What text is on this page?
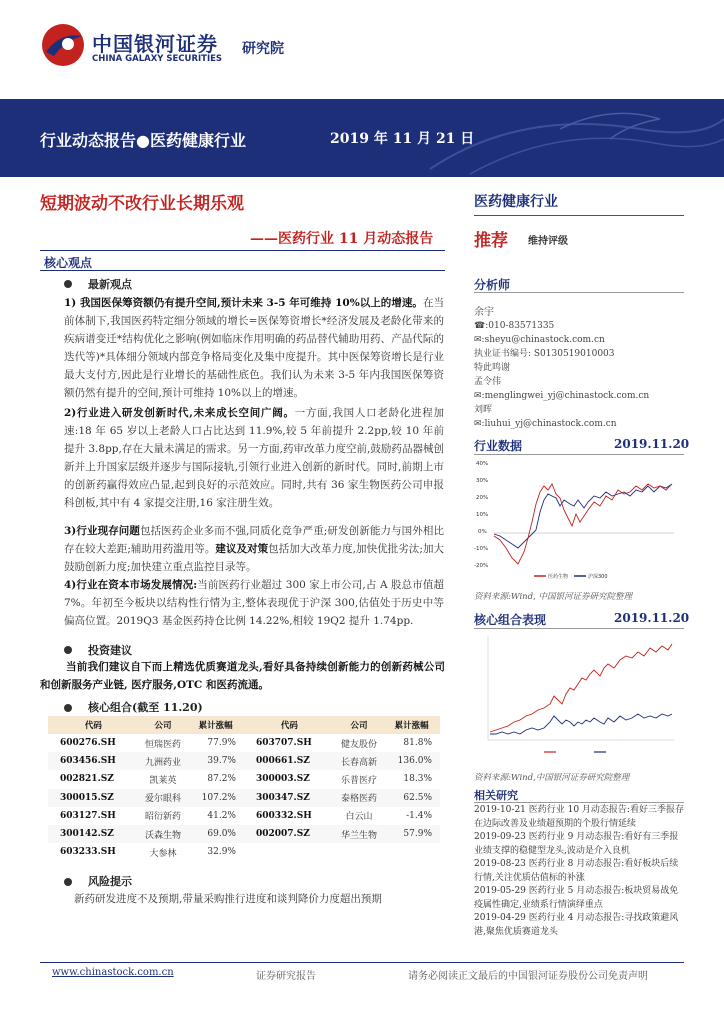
中国银河证券
CHINA GALAXY SECURITIES
研究院
行业动态报告●医药健康行业	2019 年 11 月 21 日
短期波动不改行业长期乐观
——医药行业 11 月动态报告
医药健康行业
推荐 维持评级
核心观点
最新观点
1) 我国医保筹资额仍有提升空间,预计未来 3-5 年可维持 10%以上的增速。在当前体制下,我国医药特定细分领域的增长=医保筹资增长*经济发展及老龄化带来的疾病谱变迁*结构优化之影响(例如临床作用明确的药品替代辅助用药、产品代际的迭代等)*具体细分领域内部竞争格局变化及集中度提升。其中医保筹资增长是行业最大支付方,因此是行业增长的基础性底色。我们认为未来 3-5 年内我国医保筹资额仍然有提升的空间,预计可维持 10%以上的增速。
2)行业进入研发创新时代,未来成长空间广阔。一方面,我国人口老龄化进程加速:18 年 65 岁以上老龄人口占比达到 11.9%,较 5 年前提升 2.2pp,较 10 年前提升 3.8pp,存在大量未满足的需求。另一方面,药审改革力度空前,鼓励药品器械创新并上升国家层级并逐步与国际接轨,引领行业进入创新的新时代。同时,前期上市的创新药贏得效应凸显,起到良好的示范效应。同时,共有 36 家生物医药公司申报科创板,其中有 4 家提交注册,16 家注册生效。
3)行业现存问题包括医药企业多而不强,同质化竞争严重;研发创新能力与国外相比存在较大差距;辅助用药滥用等。建议及对策包括加大改革力度,加快优批劣汰;加大鼓励创新力度;加快建立重点监控目录等。
4)行业在资本市场发展情况:当前医药行业超过 300 家上市公司,占 A 股总市值超 7%。年初至今板块以结构性行情为主,整体表现优于沪深 300,估值处于历史中等偏高位置。2019Q3 基金医药持仓比例 14.22%,相较 19Q2 提升 1.74pp.
投资建议
当前我们建议自下而上精选优质赛道龙头,看好具备持续创新能力的创新药械公司和创新服务产业链, 医疗服务,OTC 和医药流通。
核心组合(截至 11.20)
代码	公司	累计涨幅	代码	公司	累计涨幅
600276.SH	恒瑞医药	77.9%	603707.SH	健友股份	81.8%
603456.SH	九洲药业	39.7%	000661.SZ	长春高新	136.0%
002821.SZ	凯莱英	87.2%	300003.SZ	乐普医疗	18.3%
300015.SZ	爱尔眼科	107.2%	300347.SZ	泰格医药	62.5%
603127.SH	昭衍新药	41.2%	600332.SH	白云山	-1.4%
300142.SZ	沃森生物	69.0%	002007.SZ	华兰生物	57.9%
603233.SH	大参林	32.9%			
风险提示
新药研发进度不及预期,带量采购推行进度和谈判降价力度超出预期
分析师
余宇
☎:010-83571335
✉:sheyu@chinastock.com.cn
执业证书编号: S0130519010003
特此鸣谢
孟令伟
✉:menglingwei_yj@chinastock.com.cn
刘晖
✉:liuhui_yj@chinastock.com.cn
行业数据	2019.11.20
40%
30%
20%
10%
0%
-10%
-20%
医药生物	沪深300
资料来源:Wind, 中国银河证券研究院整理
核心组合表现	2019.11.20
资料来源:Wind,中国银河证券研究院整理
相关研究
2019-10-21 医药行业 10 月动态报告:看好三季报存在边际改善及业绩超预期的个股行情延续
2019-09-23 医药行业 9 月动态报告:看好有三季报业绩支撑的稳健型龙头,波动是介入良机
2019-08-23 医药行业 8 月动态报告:看好板块后续行情,关注优质估值标的补涨
2019-05-29 医药行业 5 月动态报告:板块贸易战免疫属性确定,业绩系行情演绎重点
2019-04-29 医药行业 4 月动态报告:寻找政策避风港,聚焦优质赛道龙头
www.chinastock.com.cn	证券研究报告	请务必阅读正文最后的中国银河证券股份公司免责声明
